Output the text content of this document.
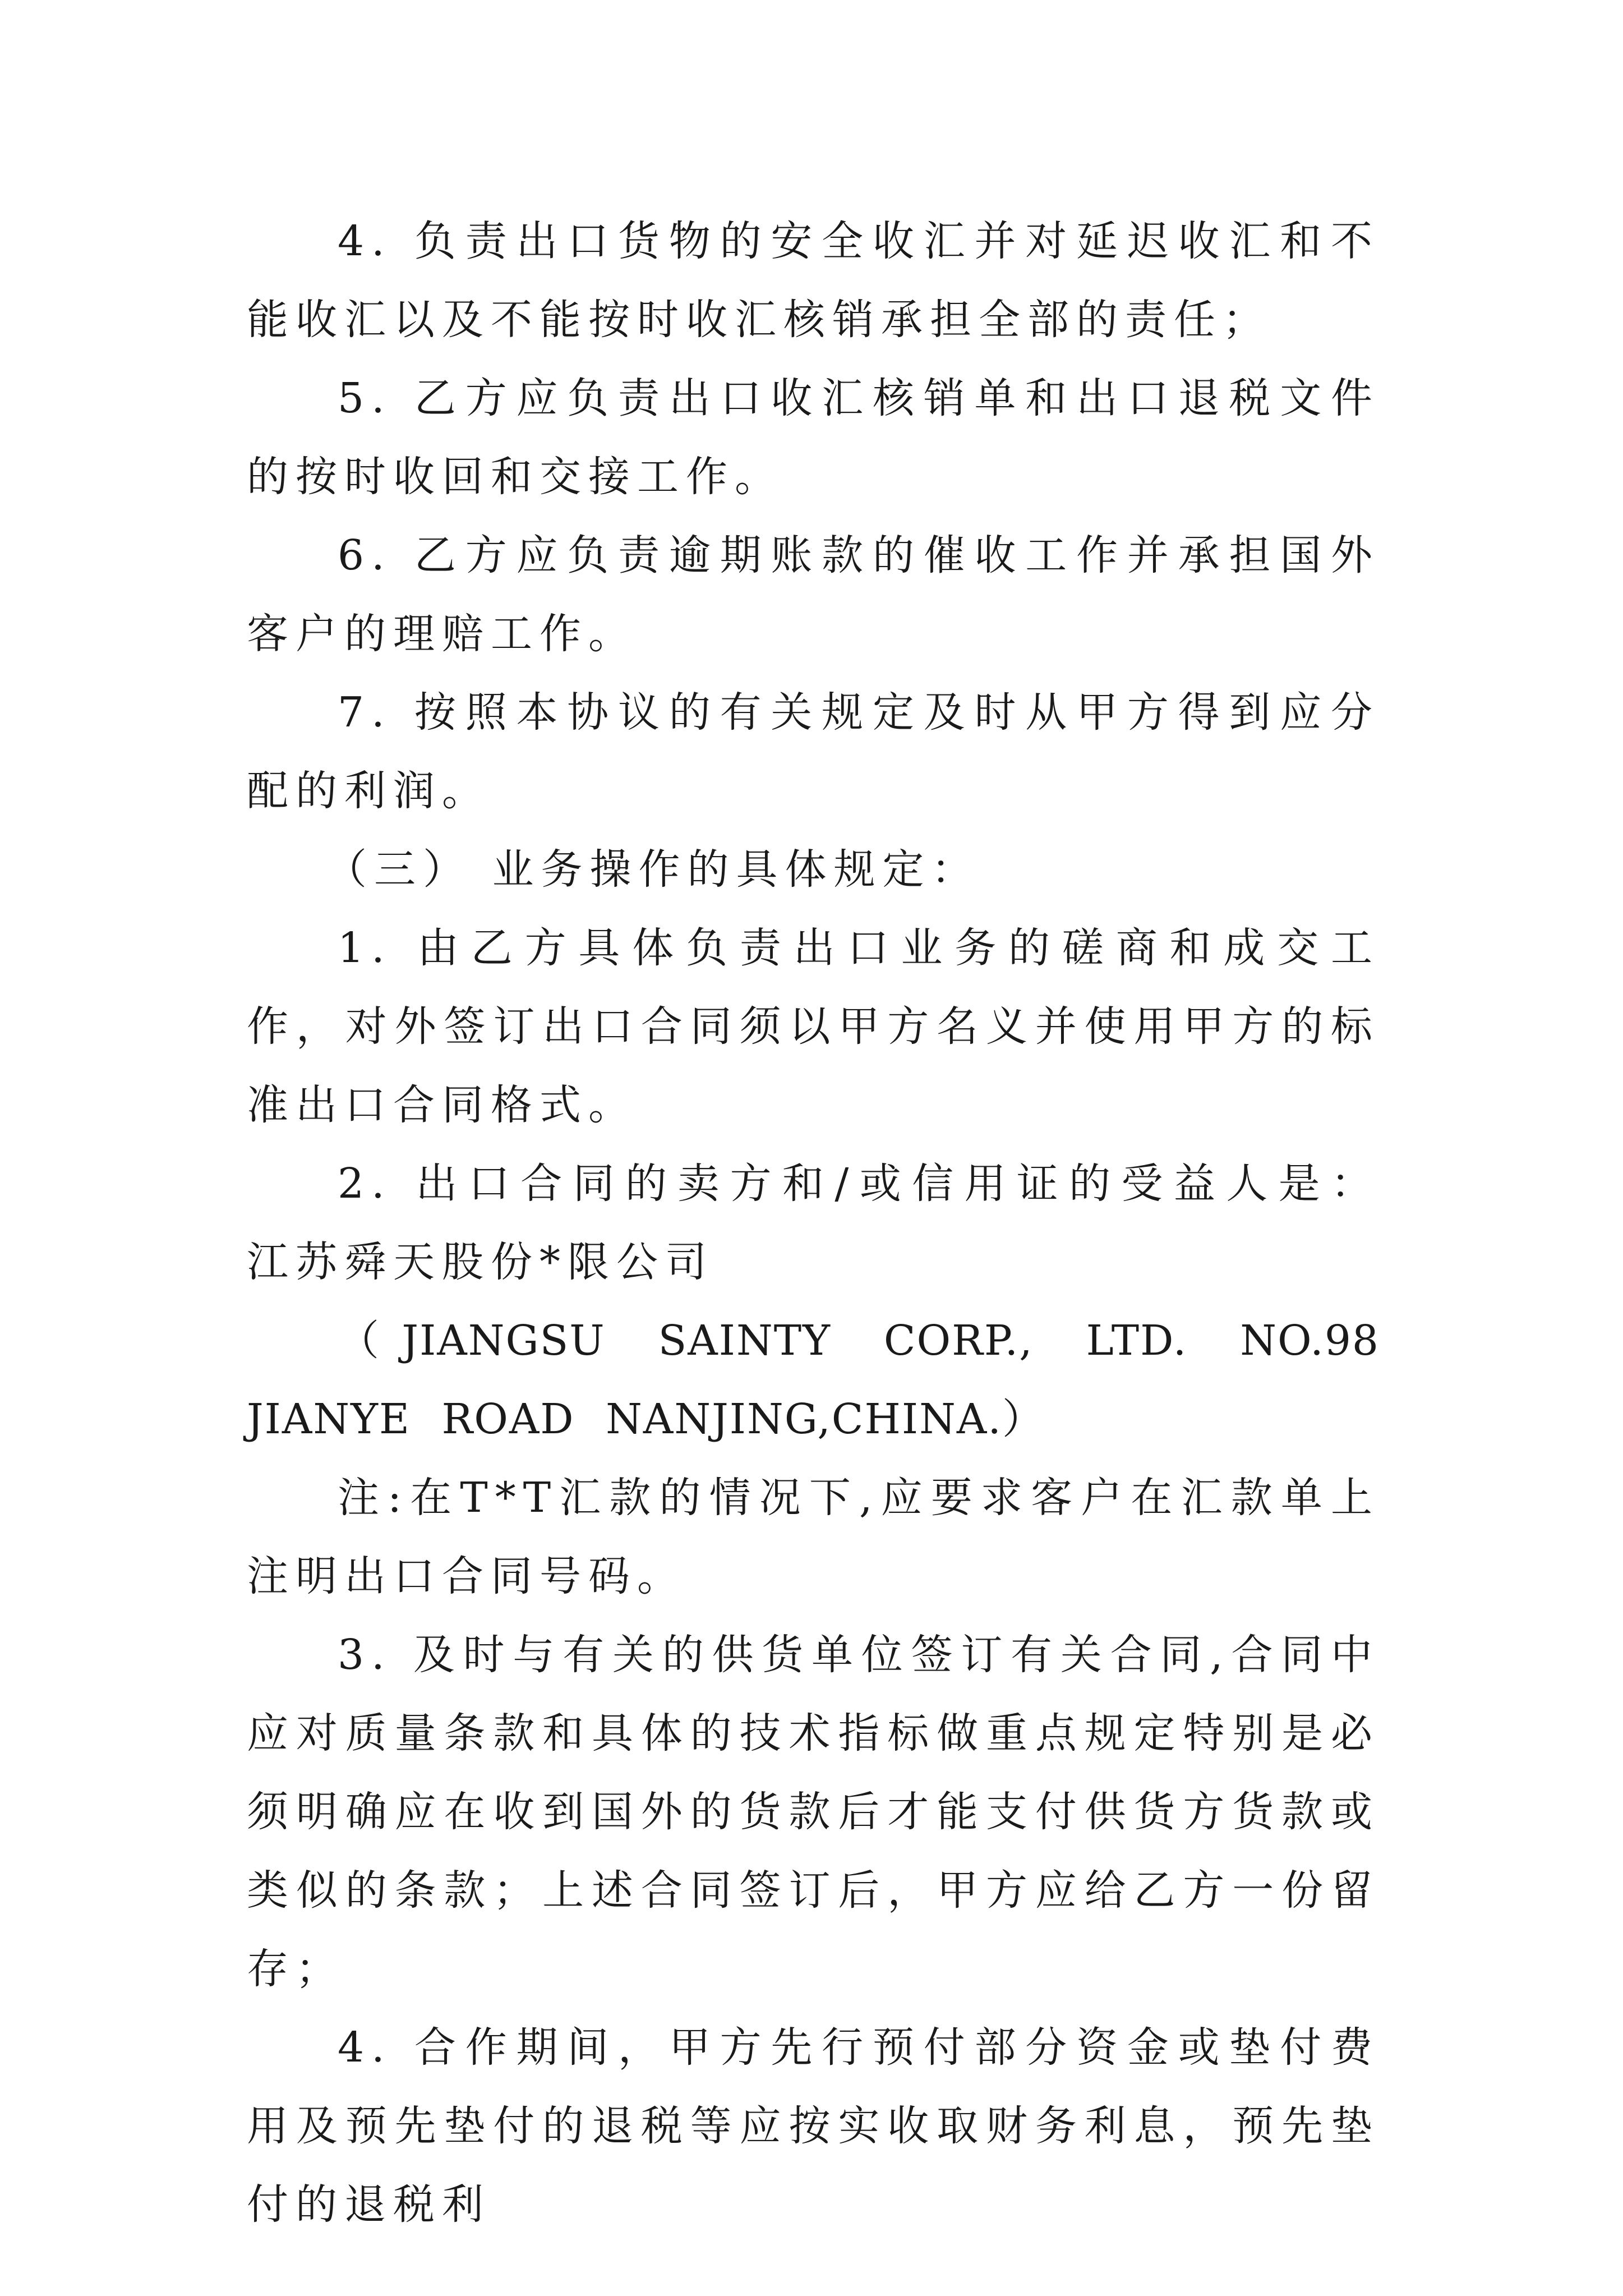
4. 负责出口货物的安全收汇并对延迟收汇和不能收汇以及不能按时收汇核销承担全部的责任；

5. 乙方应负责出口收汇核销单和出口退税文件的按时收回和交接工作。

6. 乙方应负责逾期账款的催收工作并承担国外客户的理赔工作。

7. 按照本协议的有关规定及时从甲方得到应分配的利润。

（三） 业务操作的具体规定：

1. 由乙方具体负责出口业务的磋商和成交工作，对外签订出口合同须以甲方名义并使用甲方的标准出口合同格式。

2. 出口合同的卖方和/或信用证的受益人是： 江苏舜天股份*限公司

（JIANGSU SAINTY CORP., LTD. NO.98 JIANYE ROAD NANJING,CHINA.）

注:在T*T汇款的情况下,应要求客户在汇款单上注明出口合同号码。

3. 及时与有关的供货单位签订有关合同,合同中应对质量条款和具体的技术指标做重点规定特别是必须明确应在收到国外的货款后才能支付供货方货款或类似的条款；上述合同签订后，甲方应给乙方一份留存；

4. 合作期间，甲方先行预付部分资金或垫付费用及预先垫付的退税等应按实收取财务利息，预先垫付的退税利
